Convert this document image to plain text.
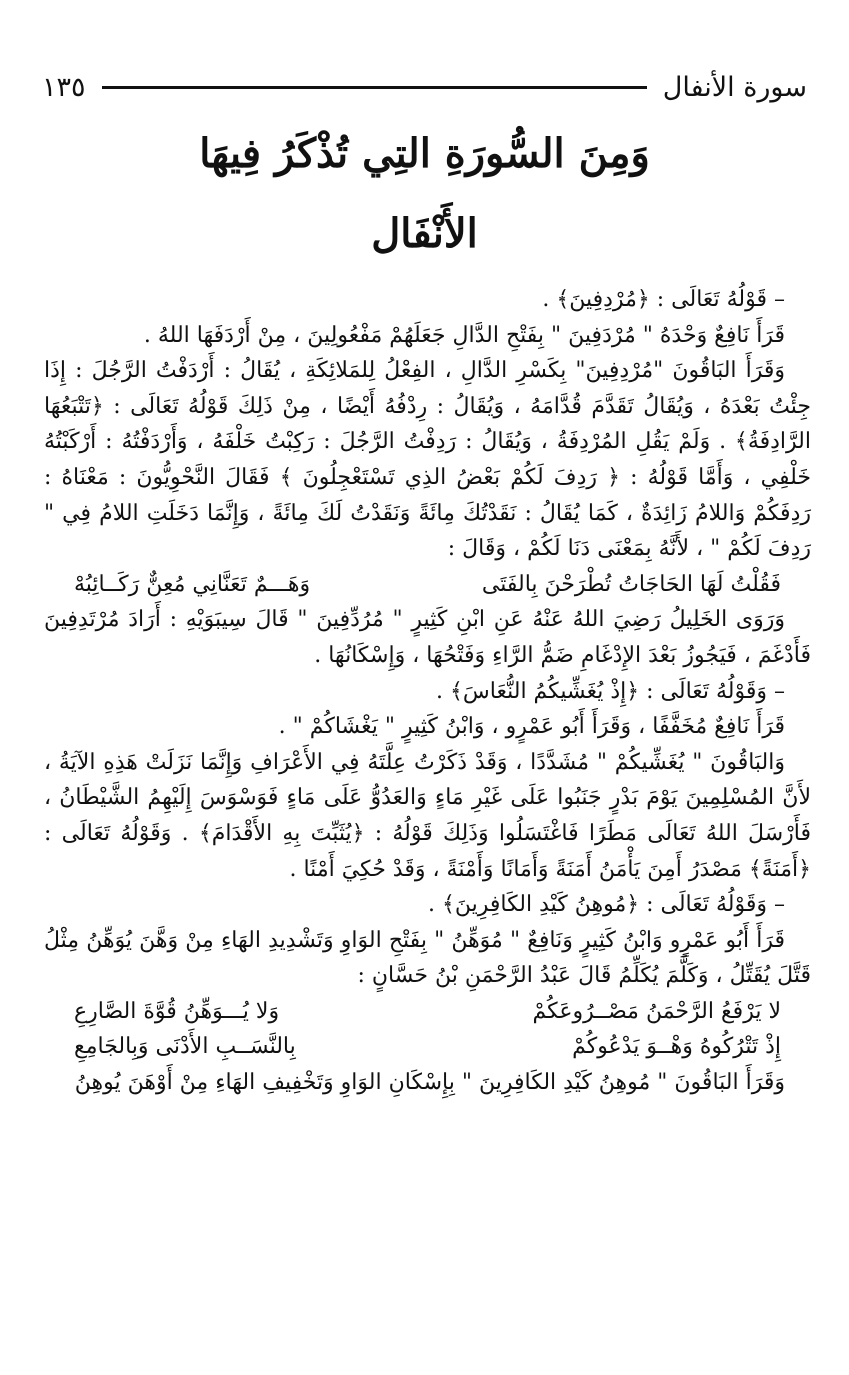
سورة الأنفال
١٣٥
وَمِنَ السُّورَةِ التِي تُذْكَرُ فِيهَا
الأَنْفَال

– قَوْلُهُ تَعَالَى : ﴿مُرْدِفِينَ﴾ .

قَرَأَ نَافِعٌ وَحْدَهُ " مُرْدَفِينَ " بِفَتْحِ الدَّالِ جَعَلَهُمْ مَفْعُولِينَ ، مِنْ أَرْدَفَهَا اللهُ .

وَقَرَأَ البَاقُونَ "مُرْدِفِينَ" بِكَسْرِ الدَّالِ ، الفِعْلُ لِلمَلائِكَةِ ، يُقَالُ : أَرْدَفْتُ الرَّجُلَ : إِذَا جِئْتُ بَعْدَهُ ، وَيُقَالُ تَقَدَّمَ قُدَّامَهُ ، وَيُقَالُ : رِدْفُهُ أَيْضًا ، مِنْ ذَلِكَ قَوْلُهُ تَعَالَى : ﴿تَتْبَعُهَا الرَّادِفَةُ﴾ . وَلَمْ يَقُلِ المُرْدِفَةُ ، وَيُقَالُ : رَدِفْتُ الرَّجُلَ : رَكِبْتُ خَلْفَهُ ، وَأَرْدَفْتُهُ : أَرْكَبْتُهُ خَلْفِي ، وَأَمَّا قَوْلُهُ : ﴿ رَدِفَ لَكُمْ بَعْضُ الذِي تَسْتَعْجِلُونَ ﴾ فَقَالَ النَّحْوِيُّونَ : مَعْنَاهُ : رَدِفَكُمْ وَاللامُ زَائِدَةٌ ، كَمَا يُقَالُ : نَقَدْتُكَ مِائَةً وَنَقَدْتُ لَكَ مِائَةً ، وَإِنَّمَا دَخَلَتِ اللامُ فِي " رَدِفَ لَكُمْ " ، لأَنَّهُ بِمَعْنَى دَنَا لَكُمْ ، وَقَالَ :

فَقُلْتُ لَهَا الحَاجَاتُ تُطْرَحْنَ بِالفَتَى
وَهَـــمٌ تَعَنَّانِي مُعِنٌّ رَكَــائِبُهْ

وَرَوَى الخَلِيلُ رَضِيَ اللهُ عَنْهُ عَنِ ابْنِ كَثِيرٍ " مُرُدِّفِينَ " قَالَ سِيبَوَيْهِ : أَرَادَ مُرْتَدِفِينَ فَأَدْغَمَ ، فَيَجُوزُ بَعْدَ الإِدْغَامِ ضَمُّ الرَّاءِ وَفَتْحُهَا ، وَإِسْكَانُهَا .

– وَقَوْلُهُ تَعَالَى : ﴿إِذْ يُغَشِّيكُمُ النُّعَاسَ﴾ .

قَرَأَ نَافِعٌ مُخَفَّفًا ، وَقَرَأَ أَبُو عَمْرٍو ، وَابْنُ كَثِيرٍ " يَغْشَاكُمْ " .

وَالبَاقُونَ " يُغَشِّيكُمْ " مُشَدَّدًا ، وَقَدْ ذَكَرْتُ عِلَّتَهُ فِي الأَعْرَافِ وَإِنَّمَا نَزَلَتْ هَذِهِ الآيَةُ ، لأَنَّ المُسْلِمِينَ يَوْمَ بَدْرٍ جَنَبُوا عَلَى غَيْرِ مَاءٍ وَالعَدُوُّ عَلَى مَاءٍ فَوَسْوَسَ إِلَيْهِمُ الشَّيْطَانُ ، فَأَرْسَلَ اللهُ تَعَالَى مَطَرًا فَاغْتَسَلُوا وَذَلِكَ قَوْلُهُ : ﴿يُثَبِّتَ بِهِ الأَقْدَامَ﴾ . وَقَوْلُهُ تَعَالَى : ﴿أَمَنَةً﴾ مَصْدَرُ أَمِنَ يَأْمَنُ أَمَنَةً وَأَمَانًا وَأَمْنَةً ، وَقَدْ حُكِيَ أَمْنًا .

– وَقَوْلُهُ تَعَالَى : ﴿مُوهِنُ كَيْدِ الكَافِرِينَ﴾ .

قَرَأَ أَبُو عَمْرٍو وَابْنُ كَثِيرٍ وَنَافِعٌ " مُوَهِّنُ " بِفَتْحِ الوَاوِ وَتَشْدِيدِ الهَاءِ مِنْ وَهَّنَ يُوَهِّنُ مِثْلُ قَتَّلَ يُقَتِّلُ ، وَكَلَّمَ يُكَلِّمُ قَالَ عَبْدُ الرَّحْمَنِ بْنُ حَسَّانٍ :

لا يَرْفَعُ الرَّحْمَنُ مَصْــرُوعَكُمْ
وَلا يُـــوَهِّنُ قُوَّةَ الصَّارِعِ
إِذْ تَتْرُكُوهُ وَهْــوَ يَدْعُوكُمْ
بِالنَّسَــبِ الأَدْنَى وَبِالجَامِعِ

وَقَرَأَ البَاقُونَ " مُوهِنُ كَيْدِ الكَافِرِينَ " بِإِسْكَانِ الوَاوِ وَتَخْفِيفِ الهَاءِ مِنْ أَوْهَنَ يُوهِنُ
